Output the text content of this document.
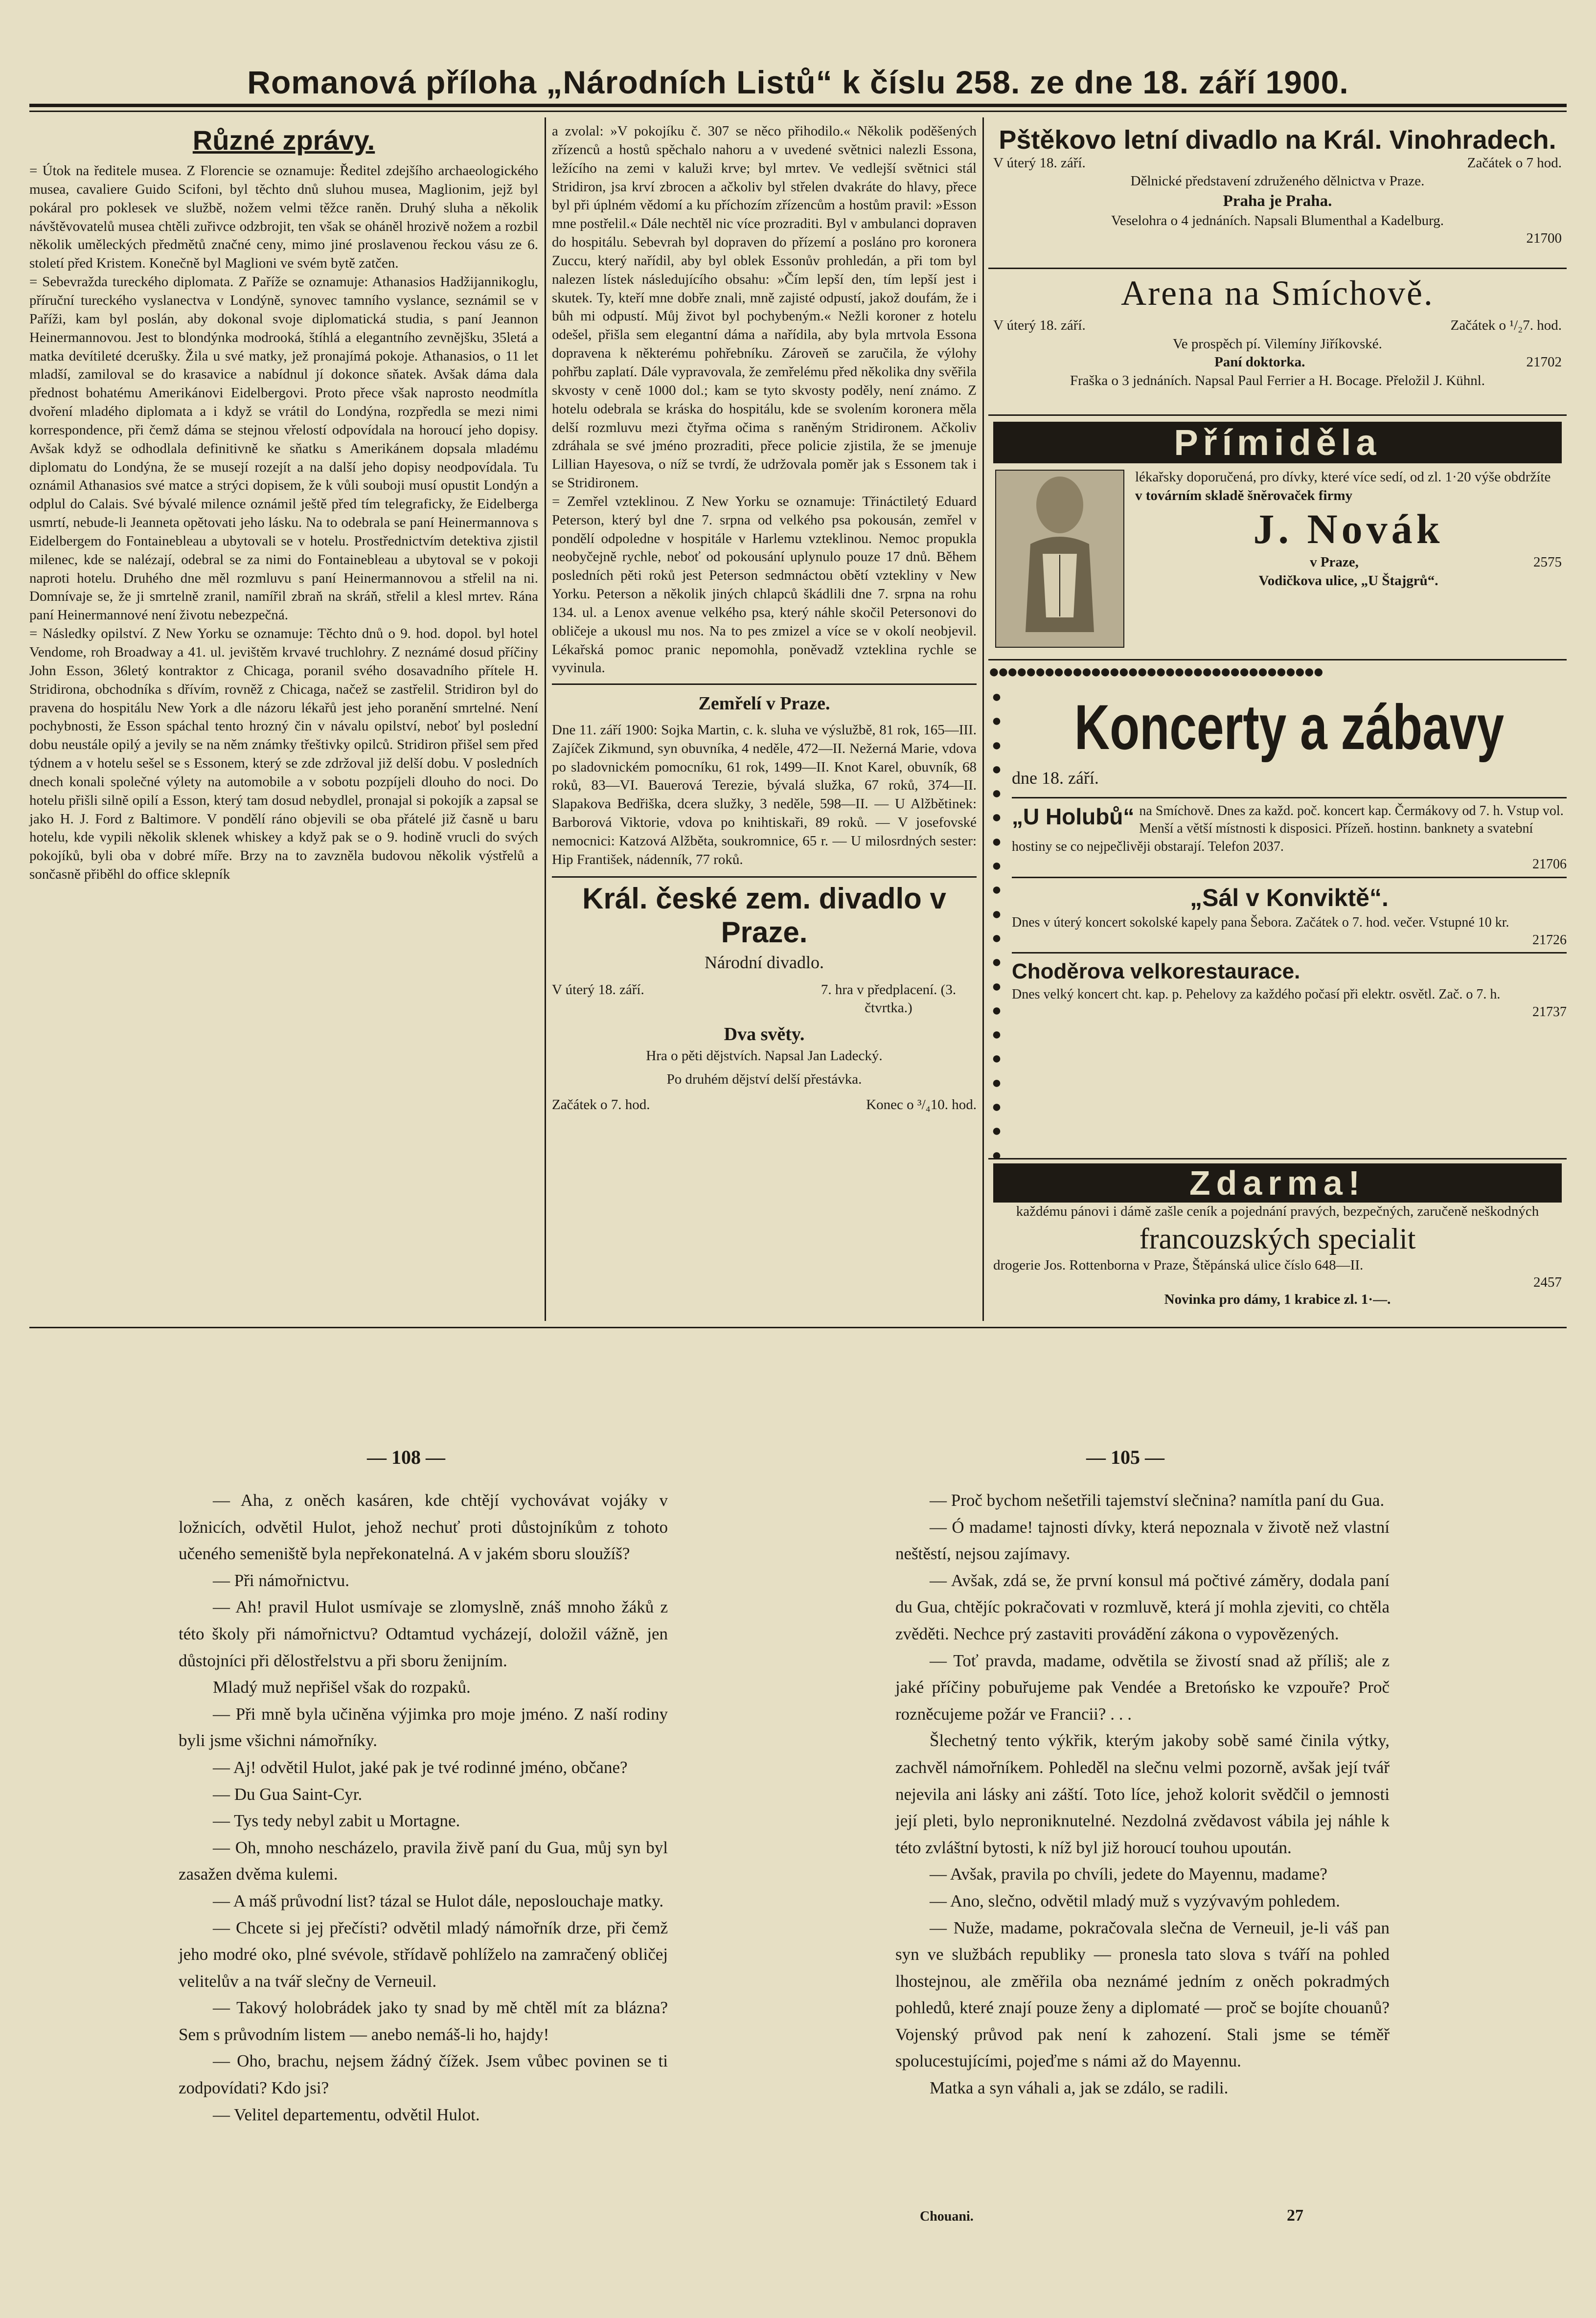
Romanová příloha „Národních Listů“ k číslu 258. ze dne 18. září 1900.
Různé zprávy.

= Útok na ředitele musea. Z Florencie se oznamuje: Ředitel zdejšího archaeologického musea, cavaliere Guido Scifoni, byl těchto dnů sluhou musea, Maglionim, jejž byl pokáral pro poklesek ve službě, nožem velmi těžce raněn. Druhý sluha a několik návštěvovatelů musea chtěli zuřivce odzbrojit, ten však se oháněl hrozivě nožem a rozbil několik uměleckých předmětů značné ceny, mimo jiné proslavenou řeckou vásu ze 6. století před Kristem. Konečně byl Maglioni ve svém bytě zatčen.

= Sebevražda tureckého diplomata. Z Paříže se oznamuje: Athanasios Hadžijannikoglu, příruční tureckého vyslanectva v Londýně, synovec tamního vyslance, seznámil se v Paříži, kam byl poslán, aby dokonal svoje diplomatická studia, s paní Jeannon Heinermannovou. Jest to blondýnka modrooká, štíhlá a elegantního zevnějšku, 35letá a matka devítileté dcerušky. Žila u své matky, jež pronajímá pokoje. Athanasios, o 11 let mladší, zamiloval se do krasavice a nabídnul jí dokonce sňatek. Avšak dáma dala přednost bohatému Amerikánovi Eidelbergovi. Proto přece však naprosto neodmítla dvoření mladého diplomata a i když se vrátil do Londýna, rozpředla se mezi nimi korrespondence, při čemž dáma se stejnou vřelostí odpovídala na horoucí jeho dopisy. Avšak když se odhodlala definitivně ke sňatku s Amerikánem dopsala mladému diplomatu do Londýna, že se musejí rozejít a na další jeho dopisy neodpovídala. Tu oznámil Athanasios své matce a strýci dopisem, že k vůli souboji musí opustit Londýn a odplul do Calais. Své bývalé milence oznámil ještě před tím telegraficky, že Eidelberga usmrtí, nebude-li Jeanneta opětovati jeho lásku. Na to odebrala se paní Heinermannova s Eidelbergem do Fontainebleau a ubytovali se v hotelu. Prostřednictvím detektiva zjistil milenec, kde se nalézají, odebral se za nimi do Fontainebleau a ubytoval se v pokoji naproti hotelu. Druhého dne měl rozmluvu s paní Heinermannovou a střelil na ni. Domnívaje se, že ji smrtelně zranil, namířil zbraň na skráň, střelil a klesl mrtev. Rána paní Heinermannové není životu nebezpečná.

= Následky opilství. Z New Yorku se oznamuje: Těchto dnů o 9. hod. dopol. byl hotel Vendome, roh Broadway a 41. ul. jevištěm krvavé truchlohry. Z neznámé dosud příčiny John Esson, 36letý kontraktor z Chicaga, poranil svého dosavadního přítele H. Stridirona, obchodníka s dřívím, rovněž z Chicaga, načež se zastřelil. Stridiron byl do pravena do hospitálu New York a dle názoru lékařů jest jeho poranění smrtelné. Není pochybnosti, že Esson spáchal tento hrozný čin v návalu opilství, neboť byl poslední dobu neustále opilý a jevily se na něm známky třeštivky opilců. Stridiron přišel sem před týdnem a v hotelu sešel se s Essonem, který se zde zdržoval již delší dobu. V posledních dnech konali společné výlety na automobile a v sobotu pozpíjeli dlouho do noci. Do hotelu přišli silně opilí a Esson, který tam dosud nebydlel, pronajal si pokojík a zapsal se jako H. J. Ford z Baltimore. V pondělí ráno objevili se oba přátelé již časně u baru hotelu, kde vypili několik sklenek whiskey a když pak se o 9. hodině vrucli do svých pokojíků, byli oba v dobré míře. Brzy na to zavzněla budovou několik výstřelů a sončasně přiběhl do office sklepník

a zvolal: »V pokojíku č. 307 se něco přihodilo.« Několik poděšených zřízenců a hostů spěchalo nahoru a v uvedené světnici nalezli Essona, ležícího na zemi v kaluži krve; byl mrtev. Ve vedlejší světnici stál Stridiron, jsa krví zbrocen a ačkoliv byl střelen dvakráte do hlavy, přece byl při úplném vědomí a ku příchozím zřízencům a hostům pravil: »Esson mne postřelil.« Dále nechtěl nic více prozraditi. Byl v ambulanci dopraven do hospitálu. Sebevrah byl dopraven do přízemí a posláno pro koronera Zuccu, který nařídil, aby byl oblek Essonův prohledán, a při tom byl nalezen lístek následujícího obsahu: »Čím lepší den, tím lepší jest i skutek. Ty, kteří mne dobře znali, mně zajisté odpustí, jakož doufám, že i bůh mi odpustí. Můj život byl pochybeným.« Nežli koroner z hotelu odešel, přišla sem elegantní dáma a nařídila, aby byla mrtvola Essona dopravena k některému pohřebníku. Zároveň se zaručila, že výlohy pohřbu zaplatí. Dále vypravovala, že zemřelému před několika dny svěřila skvosty v ceně 1000 dol.; kam se tyto skvosty poděly, není známo. Z hotelu odebrala se kráska do hospitálu, kde se svolením koronera měla delší rozmluvu mezi čtyřma očima s raněným Stridironem. Ačkoliv zdráhala se své jméno prozraditi, přece policie zjistila, že se jmenuje Lillian Hayesova, o níž se tvrdí, že udržovala poměr jak s Essonem tak i se Stridironem.

= Zemřel vzteklinou. Z New Yorku se oznamuje: Třináctiletý Eduard Peterson, který byl dne 7. srpna od velkého psa pokousán, zemřel v pondělí odpoledne v hospitále v Harlemu vzteklinou. Nemoc propukla neobyčejně rychle, neboť od pokousání uplynulo pouze 17 dnů. Během posledních pěti roků jest Peterson sedmnáctou obětí vztekliny v New Yorku. Peterson a několik jiných chlapců škádlili dne 7. srpna na rohu 134. ul. a Lenox avenue velkého psa, který náhle skočil Petersonovi do obličeje a ukousl mu nos. Na to pes zmizel a více se v okolí neobjevil. Lékařská pomoc pranic nepomohla, poněvadž vzteklina rychle se vyvinula.

Zemřelí v Praze.

Dne 11. září 1900: Sojka Martin, c. k. sluha ve výslužbě, 81 rok, 165—III. Zajíček Zikmund, syn obuvníka, 4 neděle, 472—II. Nežerná Marie, vdova po sladovnickém pomocníku, 61 rok, 1499—II. Knot Karel, obuvník, 68 roků, 83—VI. Bauerová Terezie, bývalá služka, 67 roků, 374—II. Slapakova Bedřiška, dcera služky, 3 neděle, 598—II. — U Alžbětinek: Barborová Viktorie, vdova po knihtiskaři, 89 roků. — V josefovské nemocnici: Katzová Alžběta, soukromnice, 65 r. — U milosrdných sester: Hip František, nádenník, 77 roků.

Král. české zem. divadlo v Praze.
Národní divadlo.
V úterý 18. září.	7. hra v předplacení. (3. čtvrtka.)
Dva světy.
Hra o pěti dějstvích. Napsal Jan Ladecký.
Po druhém dějství delší přestávka.
Začátek o 7. hod.	Konec o ³/₄10. hod.
Pštěkovo letní divadlo na Král. Vinohradech.
V úterý 18. září.	Začátek o 7 hod.
Dělnické představení združeného dělnictva v Praze.
Praha je Praha.
Veselohra o 4 jednáních. Napsali Blumenthal a Kadelburg.
21700
Arena na Smíchově.
V úterý 18. září.	Začátek o ¹/₂7. hod.
Ve prospěch pí. Vilemíny Jiříkovské.
Paní doktorka.	21702
Fraška o 3 jednáních. Napsal Paul Ferrier a H. Bocage. Přeložil J. Kühnl.
Přímiděla
lékařsky doporučená, pro dívky, které více sedí, od zl. 1·20 výše obdržíte
v továrním skladě šněrovaček firmy
J. Novák
v Praze,	2575
Vodičkova ulice, „U Štajgrů“.
●●●●●●●●●●●●●●●●●●●●●●●●●●●●●●●●●●●●
●
●
●
●
●
●
●
●
●
●
●
●
●
●
●
●
●
●
●
●
Koncerty a zábavy
dne 18. září.
„U Holubů“ na Smíchově. Dnes za každ. poč. koncert kap. Čermákovy od 7. h. Vstup vol. Menší a větší místnosti k disposici. Přízeň. hostinn. banknety a svatební hostiny se co nejpečlivěji obstarají. Telefon 2037.
21706
„Sál v Konviktě“.
Dnes v úterý koncert sokolské kapely pana Šebora. Začátek o 7. hod. večer. Vstupné 10 kr.
21726
Choděrova velkorestaurace.
Dnes velký koncert cht. kap. p. Pehelovy za každého počasí při elektr. osvětl. Zač. o 7. h.
21737
Zdarma!
každému pánovi i dámě zašle ceník a pojednání pravých, bezpečných, zaručeně neškodných
francouzských specialit
drogerie Jos. Rottenborna v Praze, Štěpánská ulice číslo 648—II.
2457
Novinka pro dámy, 1 krabice zl. 1·—.
— 108 —

— Aha, z oněch kasáren, kde chtějí vychovávat vojáky v ložnicích, odvětil Hulot, jehož nechuť proti důstojníkům z tohoto učeného semeniště byla nepřekonatelná. A v jakém sboru sloužíš?

— Při námořnictvu.

— Ah! pravil Hulot usmívaje se zlomyslně, znáš mnoho žáků z této školy při námořnictvu? Odtamtud vycházejí, doložil vážně, jen důstojníci při dělostřelstvu a při sboru ženijním.

Mladý muž nepřišel však do rozpaků.

— Při mně byla učiněna výjimka pro moje jméno. Z naší rodiny byli jsme všichni námořníky.

— Aj! odvětil Hulot, jaké pak je tvé rodinné jméno, občane?

— Du Gua Saint-Cyr.

— Tys tedy nebyl zabit u Mortagne.

— Oh, mnoho nescházelo, pravila živě paní du Gua, můj syn byl zasažen dvěma kulemi.

— A máš průvodní list? tázal se Hulot dále, neposlouchaje matky.

— Chcete si jej přečísti? odvětil mladý námořník drze, při čemž jeho modré oko, plné svévole, střídavě pohlíželo na zamračený obličej velitelův a na tvář slečny de Verneuil.

— Takový holobrádek jako ty snad by mě chtěl mít za blázna? Sem s průvodním listem — anebo nemáš-li ho, hajdy!

— Oho, brachu, nejsem žádný čížek. Jsem vůbec povinen se ti zodpovídati? Kdo jsi?

— Velitel departementu, odvětil Hulot.

— 105 —

— Proč bychom nešetřili tajemství slečnina? namítla paní du Gua.

— Ó madame! tajnosti dívky, která nepoznala v životě než vlastní neštěstí, nejsou zajímavy.

— Avšak, zdá se, že první konsul má počtivé záměry, dodala paní du Gua, chtějíc pokračovati v rozmluvě, která jí mohla zjeviti, co chtěla zvěděti. Nechce prý zastaviti provádění zákona o vypovězených.

— Toť pravda, madame, odvětila se živostí snad až příliš; ale z jaké příčiny pobuřujeme pak Vendée a Bretońsko ke vzpouře? Proč rozněcujeme požár ve Francii? . . .

Šlechetný tento výkřik, kterým jakoby sobě samé činila výtky, zachvěl námořníkem. Pohleděl na slečnu velmi pozorně, avšak její tvář nejevila ani lásky ani záští. Toto líce, jehož kolorit svědčil o jemnosti její pleti, bylo neproniknutelné. Nezdolná zvědavost vábila jej náhle k této zvláštní bytosti, k níž byl již horoucí touhou upoután.

— Avšak, pravila po chvíli, jedete do Mayennu, madame?

— Ano, slečno, odvětil mladý muž s vyzývavým pohledem.

— Nuže, madame, pokračovala slečna de Verneuil, je-li váš pan syn ve službách republiky — pronesla tato slova s tváří na pohled lhostejnou, ale změřila oba neznámé jedním z oněch pokradmých pohledů, které znají pouze ženy a diplomaté — proč se bojíte chouanů? Vojenský průvod pak není k zahození. Stali jsme se téměř spolucestujícími, pojeďme s námi až do Mayennu.

Matka a syn váhali a, jak se zdálo, se radili.

Chouani.	27
